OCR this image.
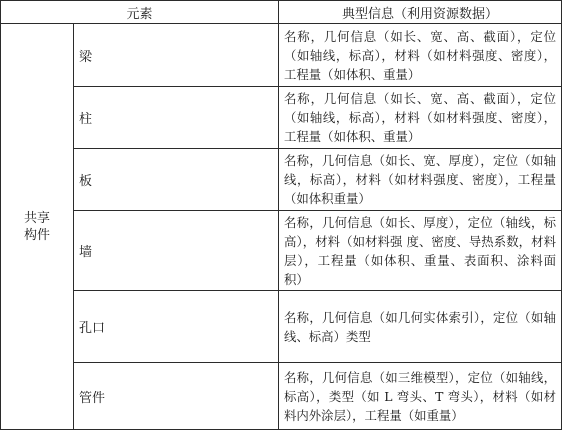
元素		典型信息（利用资源数据）

共享
构件	梁	名称，几何信息（如长、宽、高、截面），定位（如轴线，标高），材料（如材料强度、密度），工程量（如体积、重量）
	柱	名称，几何信息（如长、宽、高、截面），定位（如轴线，标高），材料（如材料强度、密度），工程量（如体积、重量）
	板	名称，几何信息（如长、宽、厚度），定位（如轴线，标高），材料（如材料强度、密度），工程量（如体积重量）
	墙	名称，几何信息（如长、厚度），定位（轴线，标高），材料（如材料强 度、密度、导热系数，材料层），工程量（如体积、重量、表面积、涂料面积）
	孔口	名称，几何信息（如几何实体索引），定位（如轴线、标高）类型
	管件	名称，几何信息（如三维模型），定位（如轴线，标高），类型（如 L 弯头、T 弯头），材料（如材料内外涂层），工程量（如重量）
